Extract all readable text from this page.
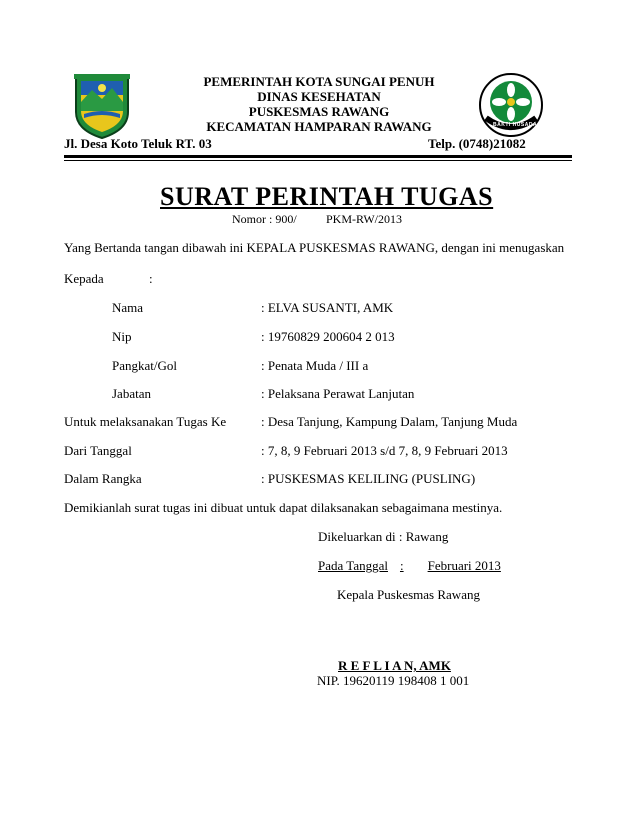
PEMERINTAH KOTA SUNGAI PENUH
DINAS KESEHATAN
PUSKESMAS RAWANG
KECAMATAN HAMPARAN RAWANG
Jl. Desa Koto Teluk RT. 03	Telp. (0748)21082
BAKTI HUSADA
SURAT PERINTAH TUGAS
Nomor : 900/ PKM-RW/2013
Yang Bertanda tangan dibawah ini KEPALA PUSKESMAS RAWANG, dengan ini menugaskan
Kepada	:
Nama	: ELVA SUSANTI, AMK
Nip	: 19760829 200604 2 013
Pangkat/Gol	: Penata Muda / III a
Jabatan	: Pelaksana Perawat Lanjutan
Untuk melaksanakan Tugas Ke	: Desa Tanjung, Kampung Dalam, Tanjung Muda
Dari Tanggal	: 7, 8, 9 Februari 2013 s/d 7, 8, 9 Februari 2013
Dalam Rangka	: PUSKESMAS KELILING (PUSLING)
Demikianlah surat tugas ini dibuat untuk dapat dilaksanakan sebagaimana mestinya.
Dikeluarkan di : Rawang
Pada Tanggal : Februari 2013
Kepala Puskesmas Rawang
R E F L I A N, AMK
NIP. 19620119 198408 1 001
